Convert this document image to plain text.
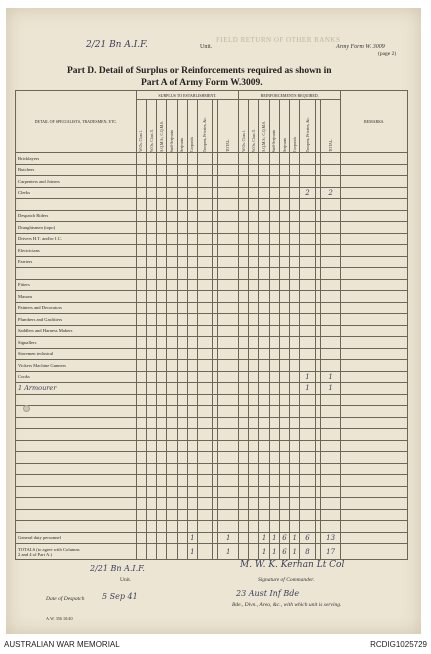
FIELD RETURN OF OTHER RANKS
2/21 Bn A.I.F.	Unit.	Army Form W. 3009
(page 2)
Part D. Detail of Surplus or Reinforcements required as shown in
Part A of Army Form W.3009.
DETAIL OF SPECIALISTS, TRADESMEN, ETC.	SURPLUS TO ESTABLISHMENT.									REINFORCEMENTS REQUIRED.									REMARKS.

	W.Os. Class I.	W.Os. Class II.	S.Q.M.S.; C.Q.M.S.	Staff-Serjeants	Serjeants	Corporals	Troopers, Privates, &c.		TOTAL.	W.Os. Class I.	W.Os. Class II.	S.Q.M.S.; C.Q.M.S.	Staff-Serjeants	Serjeants	Corporals	Troopers, Privates, &c.		TOTAL.	

Bricklayers																			
Butchers																			
Carpenters and Joiners																			
Clerks																2		2	

Despatch Riders																			
Draughtsmen (topo)																			
Drivers H.T. and/or I.C.																			
Electricians																			
Farriers																			

Fitters																			
Masons																			
Painters and Decorators																			
Plumbers and Gasfitters																			
Saddlers and Harness Makers																			
Signallers																			
Storemen technical																			
Vickers Machine Gunners																			
Cooks																1		1	
1 Armourer																1		1	

General duty personnel						1			1			1	1	6	1	6		13	
TOTALS (to agree with Columns
2 and 4 of Part A.)						1			1			1	1	6	1	8		17	
2/21 Bn A.I.F.
Unit.
M. W. K. Kerhan Lt Col
Signature of Commander.
Date of Despatch 5 Sep 41	23 Aust Inf Bde
Bde., Divn., Area, &c., with which unit is serving.
A.W. 356 10/40
AUSTRALIAN WAR MEMORIAL	RCDIG1025729
